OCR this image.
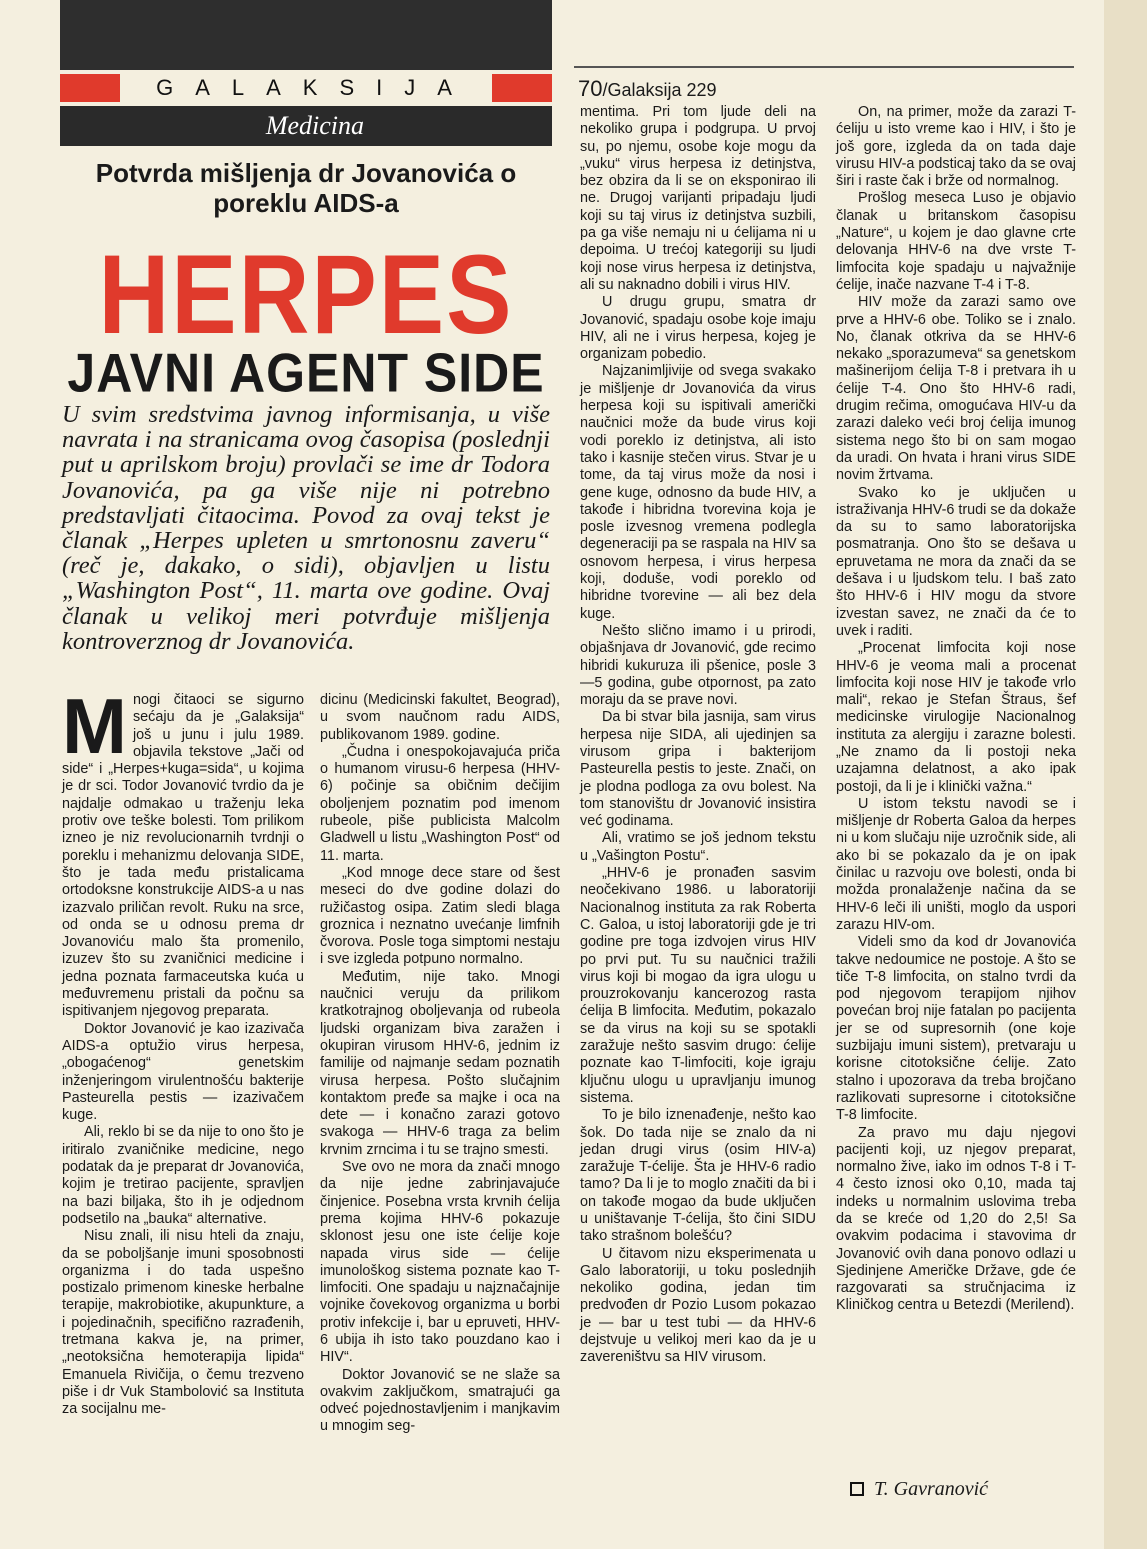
GALAKSIJA
Medicina
Potvrda mišljenja dr Jovanovića o poreklu AIDS-a
HERPES
JAVNI AGENT SIDE
U svim sredstvima javnog informisanja, u više navrata i na stranicama ovog časopisa (poslednji put u aprilskom broju) provlači se ime dr Todora Jovanovića, pa ga više nije ni potrebno predstavljati čitaocima. Povod za ovaj tekst je članak „Herpes upleten u smrtonosnu zaveru“ (reč je, dakako, o sidi), objavljen u listu „Washington Post“, 11. marta ove godine. Ovaj članak u velikoj meri potvrđuje mišljenja kontroverznog dr Jovanovića.
70/Galaksija 229
M nogi čitaoci se sigurno sećaju da je „Galaksija“ još u junu i julu 1989. objavila tekstove „Jači od side“ i „Herpes+kuga=sida“, u kojima je dr sci. Todor Jovanović tvrdio da je najdalje odmakao u traženju leka protiv ove teške bolesti. Tom prilikom izneo je niz revolucionarnih tvrdnji o poreklu i mehanizmu delovanja SIDE, što je tada među pristalicama ortodoksne konstrukcije AIDS-a u nas izazvalo priličan revolt. Ruku na srce, od onda se u odnosu prema dr Jovanoviću malo šta promenilo, izuzev što su zvaničnici medicine i jedna poznata farmaceutska kuća u međuvremenu pristali da počnu sa ispitivanjem njegovog preparata.

Doktor Jovanović je kao izazivača AIDS-a optužio virus herpesa, „obogaćenog“ genetskim inženjeringom virulentnošću bakterije Pasteurella pestis — izazivačem kuge.

Ali, reklo bi se da nije to ono što je iritiralo zvaničnike medicine, nego podatak da je preparat dr Jovanovića, kojim je tretirao pacijente, spravljen na bazi biljaka, što ih je odjednom podsetilo na „bauka“ alternative.

Nisu znali, ili nisu hteli da znaju, da se poboljšanje imuni sposobnosti organizma i do tada uspešno postizalo primenom kineske herbalne terapije, makrobiotike, akupunkture, a i pojedinačnih, specifično razrađenih, tretmana kakva je, na primer, „neotoksična hemoterapija lipida“ Emanuela Rivičija, o čemu trezveno piše i dr Vuk Stambolović sa Instituta za socijalnu me-

dicinu (Medicinski fakultet, Beograd), u svom naučnom radu AIDS, publikovanom 1989. godine.

„Čudna i onespokojavajuća priča o humanom virusu-6 herpesa (HHV-6) počinje sa običnim dečijim oboljenjem poznatim pod imenom rubeole, piše publicista Malcolm Gladwell u listu „Washington Post“ od 11. marta.

„Kod mnoge dece stare od šest meseci do dve godine dolazi do ružičastog osipa. Zatim sledi blaga groznica i neznatno uvećanje limfnih čvorova. Posle toga simptomi nestaju i sve izgleda potpuno normalno.

Međutim, nije tako. Mnogi naučnici veruju da prilikom kratkotrajnog oboljevanja od rubeola ljudski organizam biva zaražen i okupiran virusom HHV-6, jednim iz familije od najmanje sedam poznatih virusa herpesa. Pošto slučajnim kontaktom pređe sa majke i oca na dete — i konačno zarazi gotovo svakoga — HHV-6 traga za belim krvnim zrncima i tu se trajno smesti.

Sve ovo ne mora da znači mnogo da nije jedne zabrinjavajuće činjenice. Posebna vrsta krvnih ćelija prema kojima HHV-6 pokazuje sklonost jesu one iste ćelije koje napada virus side — ćelije imunološkog sistema poznate kao T-limfociti. One spadaju u najznačajnije vojnike čovekovog organizma u borbi protiv infekcije i, bar u epruveti, HHV-6 ubija ih isto tako pouzdano kao i HIV“.

Doktor Jovanović se ne slaže sa ovakvim zaključkom, smatrajući ga odveć pojednostavljenim i manjkavim u mnogim seg-

mentima. Pri tom ljude deli na nekoliko grupa i podgrupa. U prvoj su, po njemu, osobe koje mogu da „vuku“ virus herpesa iz detinjstva, bez obzira da li se on eksponirao ili ne. Drugoj varijanti pripadaju ljudi koji su taj virus iz detinjstva suzbili, pa ga više nemaju ni u ćelijama ni u depoima. U trećoj kategoriji su ljudi koji nose virus herpesa iz detinjstva, ali su naknadno dobili i virus HIV.

U drugu grupu, smatra dr Jovanović, spadaju osobe koje imaju HIV, ali ne i virus herpesa, kojeg je organizam pobedio.

Najzanimljivije od svega svakako je mišljenje dr Jovanovića da virus herpesa koji su ispitivali američki naučnici može da bude virus koji vodi poreklo iz detinjstva, ali isto tako i kasnije stečen virus. Stvar je u tome, da taj virus može da nosi i gene kuge, odnosno da bude HIV, a takođe i hibridna tvorevina koja je posle izvesnog vremena podlegla degeneraciji pa se raspala na HIV sa osnovom herpesa, i virus herpesa koji, doduše, vodi poreklo od hibridne tvorevine — ali bez dela kuge.

Nešto slično imamo i u prirodi, objašnjava dr Jovanović, gde recimo hibridi kukuruza ili pšenice, posle 3—5 godina, gube otpornost, pa zato moraju da se prave novi.

Da bi stvar bila jasnija, sam virus herpesa nije SIDA, ali ujedinjen sa virusom gripa i bakterijom Pasteurella pestis to jeste. Znači, on je plodna podloga za ovu bolest. Na tom stanovištu dr Jovanović insistira već godinama.

Ali, vratimo se još jednom tekstu u „Vašington Postu“.

„HHV-6 je pronađen sasvim neočekivano 1986. u laboratoriji Nacionalnog instituta za rak Roberta C. Galoa, u istoj laboratoriji gde je tri godine pre toga izdvojen virus HIV po prvi put. Tu su naučnici tražili virus koji bi mogao da igra ulogu u prouzrokovanju kancerozog rasta ćelija B limfocita. Međutim, pokazalo se da virus na koji su se spotakli zaražuje nešto sasvim drugo: ćelije poznate kao T-limfociti, koje igraju ključnu ulogu u upravljanju imunog sistema.

To je bilo iznenađenje, nešto kao šok. Do tada nije se znalo da ni jedan drugi virus (osim HIV-a) zaražuje T-ćelije. Šta je HHV-6 radio tamo? Da li je to moglo značiti da bi i on takođe mogao da bude uključen u uništavanje T-ćelija, što čini SIDU tako strašnom bolešću?

U čitavom nizu eksperimenata u Galo laboratoriji, u toku poslednjih nekoliko godina, jedan tim predvođen dr Pozio Lusom pokazao je — bar u test tubi — da HHV-6 dejstvuje u velikoj meri kao da je u zavereništvu sa HIV virusom.

On, na primer, može da zarazi T-ćeliju u isto vreme kao i HIV, i što je još gore, izgleda da on tada daje virusu HIV-a podsticaj tako da se ovaj širi i raste čak i brže od normalnog.

Prošlog meseca Luso je objavio članak u britanskom časopisu „Nature“, u kojem je dao glavne crte delovanja HHV-6 na dve vrste T-limfocita koje spadaju u najvažnije ćelije, inače nazvane T-4 i T-8.

HIV može da zarazi samo ove prve a HHV-6 obe. Toliko se i znalo. No, članak otkriva da se HHV-6 nekako „sporazumeva“ sa genetskom mašinerijom ćelija T-8 i pretvara ih u ćelije T-4. Ono što HHV-6 radi, drugim rečima, omogućava HIV-u da zarazi daleko veći broj ćelija imunog sistema nego što bi on sam mogao da uradi. On hvata i hrani virus SIDE novim žrtvama.

Svako ko je uključen u istraživanja HHV-6 trudi se da dokaže da su to samo laboratorijska posmatranja. Ono što se dešava u epruvetama ne mora da znači da se dešava i u ljudskom telu. I baš zato što HHV-6 i HIV mogu da stvore izvestan savez, ne znači da će to uvek i raditi.

„Procenat limfocita koji nose HHV-6 je veoma mali a procenat limfocita koji nose HIV je takođe vrlo mali“, rekao je Stefan Štraus, šef medicinske virulogije Nacionalnog instituta za alergiju i zarazne bolesti. „Ne znamo da li postoji neka uzajamna delatnost, a ako ipak postoji, da li je i klinički važna.“

U istom tekstu navodi se i mišljenje dr Roberta Galoa da herpes ni u kom slučaju nije uzročnik side, ali ako bi se pokazalo da je on ipak činilac u razvoju ove bolesti, onda bi možda pronalaženje načina da se HHV-6 leči ili uništi, moglo da uspori zarazu HIV-om.

Videli smo da kod dr Jovanovića takve nedoumice ne postoje. A što se tiče T-8 limfocita, on stalno tvrdi da pod njegovom terapijom njihov povećan broj nije fatalan po pacijenta jer se od supresornih (one koje suzbijaju imuni sistem), pretvaraju u korisne citotoksične ćelije. Zato stalno i upozorava da treba brojčano razlikovati supresorne i citotoksične T-8 limfocite.

Za pravo mu daju njegovi pacijenti koji, uz njegov preparat, normalno žive, iako im odnos T-8 i T-4 često iznosi oko 0,10, mada taj indeks u normalnim uslovima treba da se kreće od 1,20 do 2,5! Sa ovakvim podacima i stavovima dr Jovanović ovih dana ponovo odlazi u Sjedinjene Američke Države, gde će razgovarati sa stručnjacima iz Kliničkog centra u Betezdi (Merilend).

T. Gavranović
